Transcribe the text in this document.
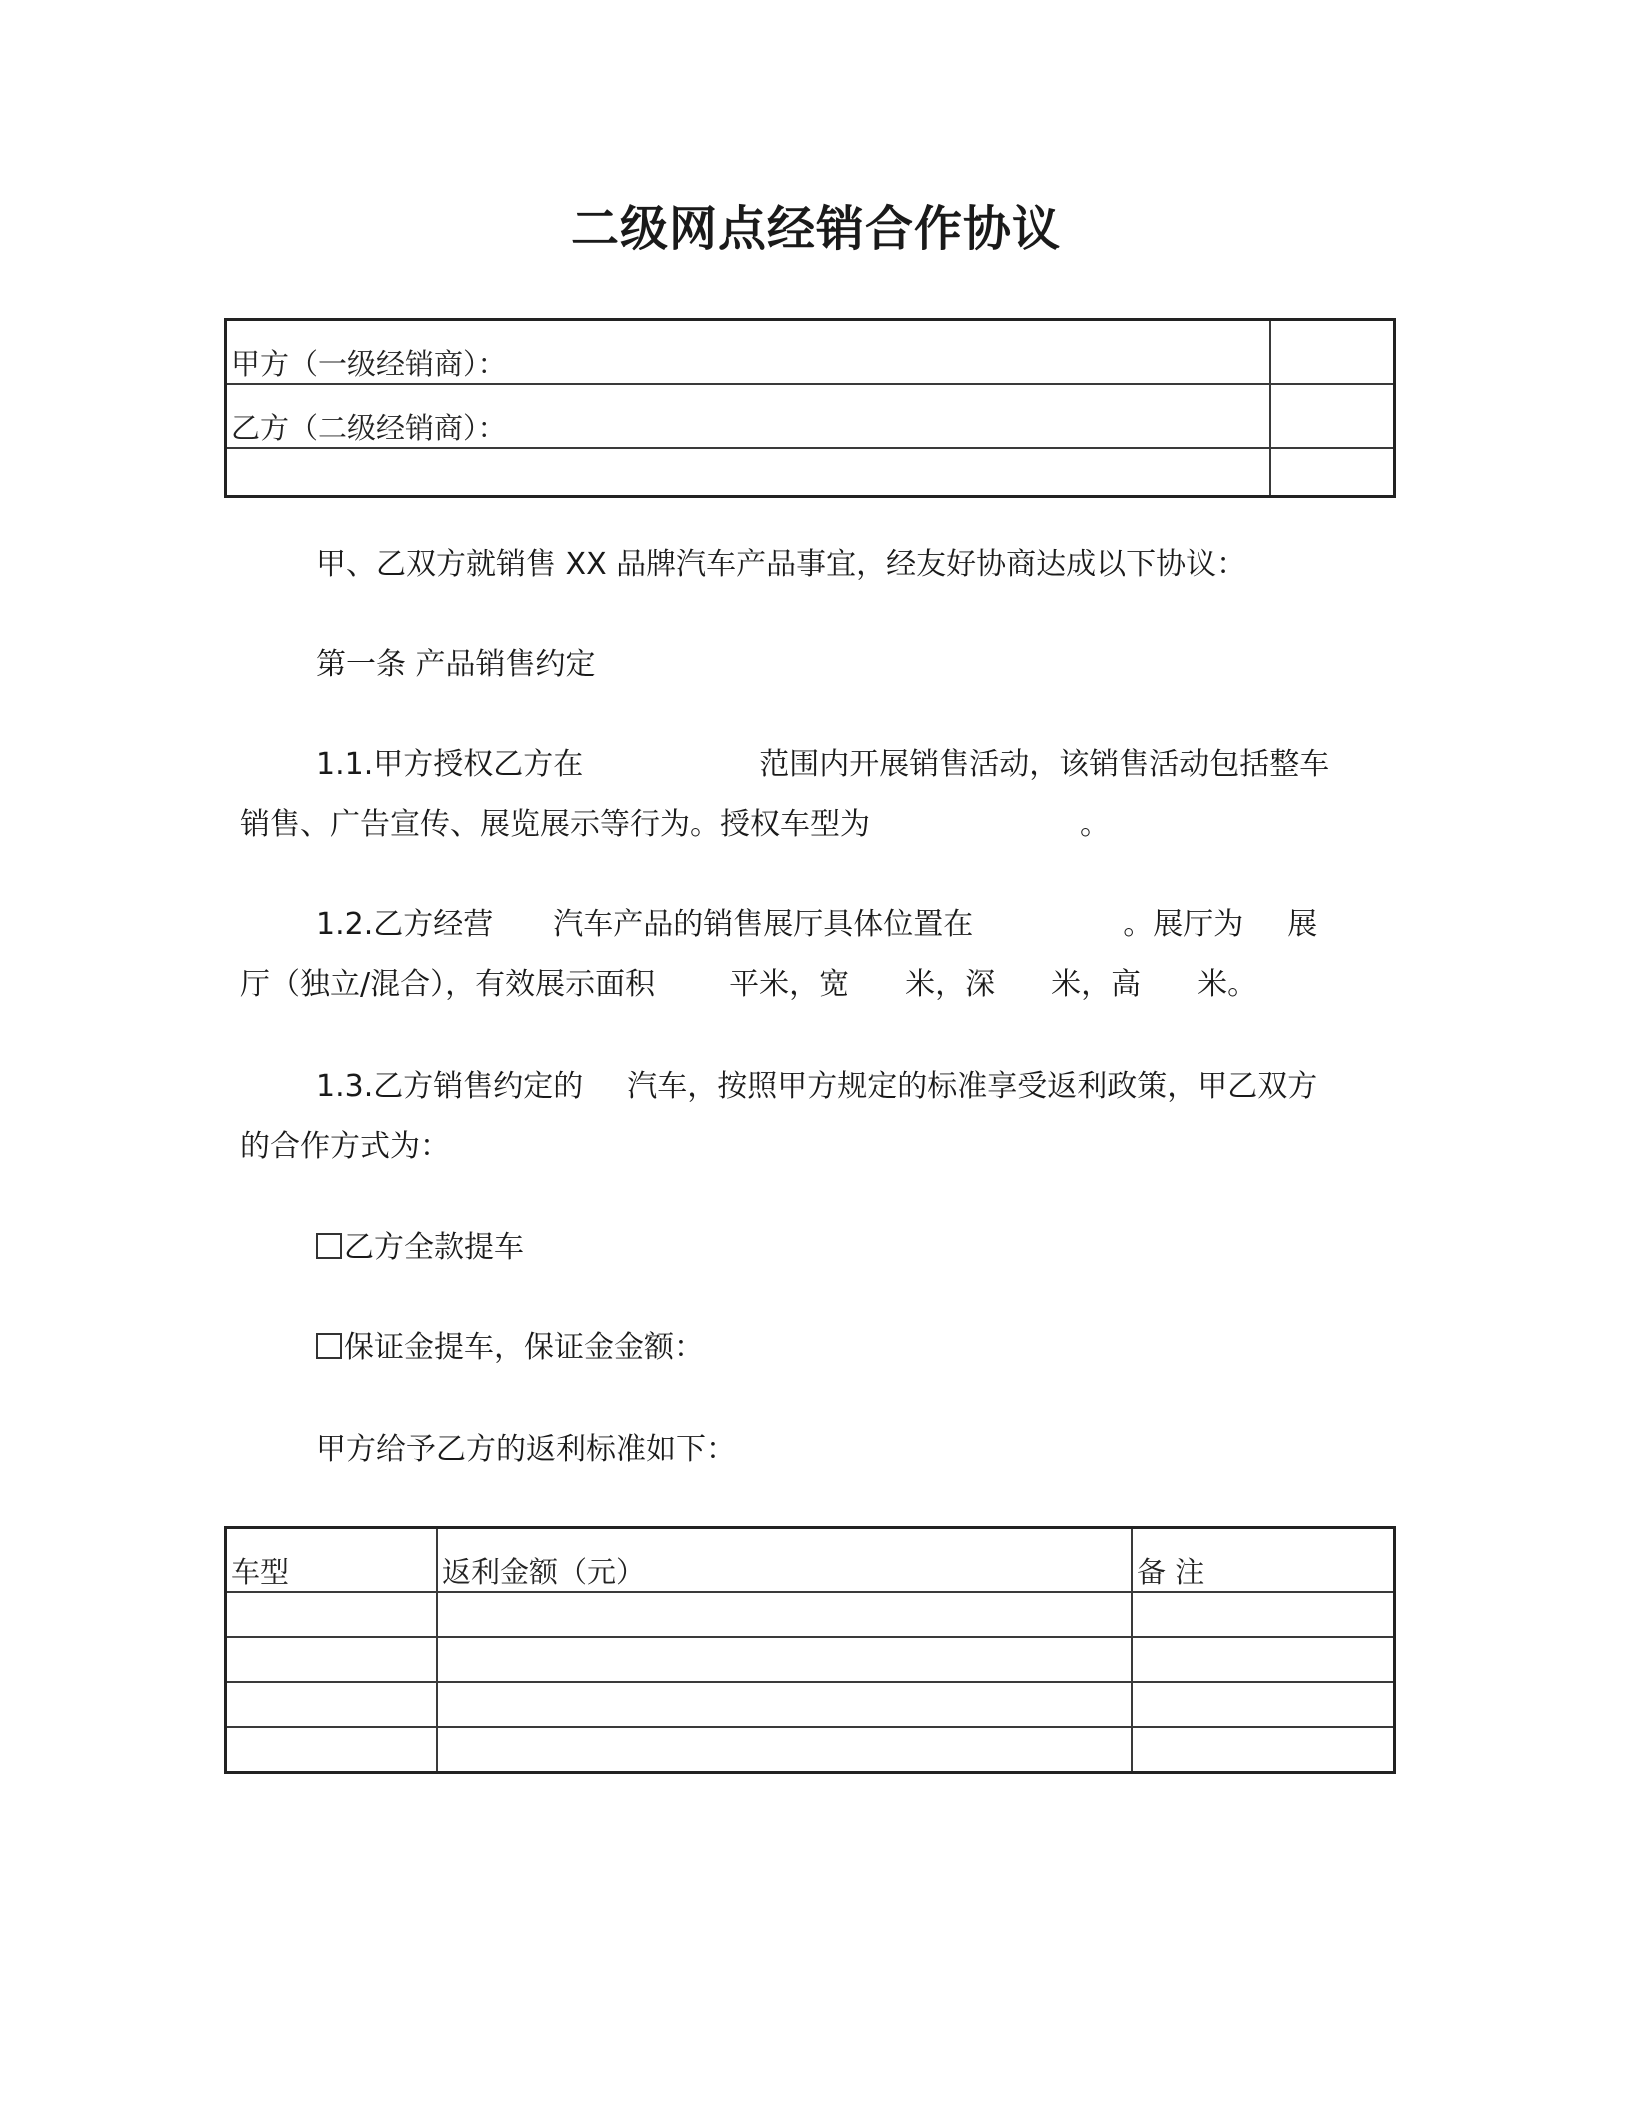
二级网点经销合作协议
甲方（一级经销商）：	
乙方（二级经销商）：	

甲、乙双方就销售 XX 品牌汽车产品事宜，经友好协商达成以下协议：
第一条 产品销售约定
1.1.甲方授权乙方在	范围内开展销售活动，该销售活动包括整车
销售、广告宣传、展览展示等行为。授权车型为	。
1.2.乙方经营 汽车产品的销售展厅具体位置在	。展厅为 展
厅（独立/混合），有效展示面积 平米，宽 米，深 米，高 米。
1.3.乙方销售约定的 汽车，按照甲方规定的标准享受返利政策，甲乙双方
的合作方式为：
乙方全款提车
保证金提车，保证金金额：
甲方给予乙方的返利标准如下：
车型	返利金额（元）	备 注
